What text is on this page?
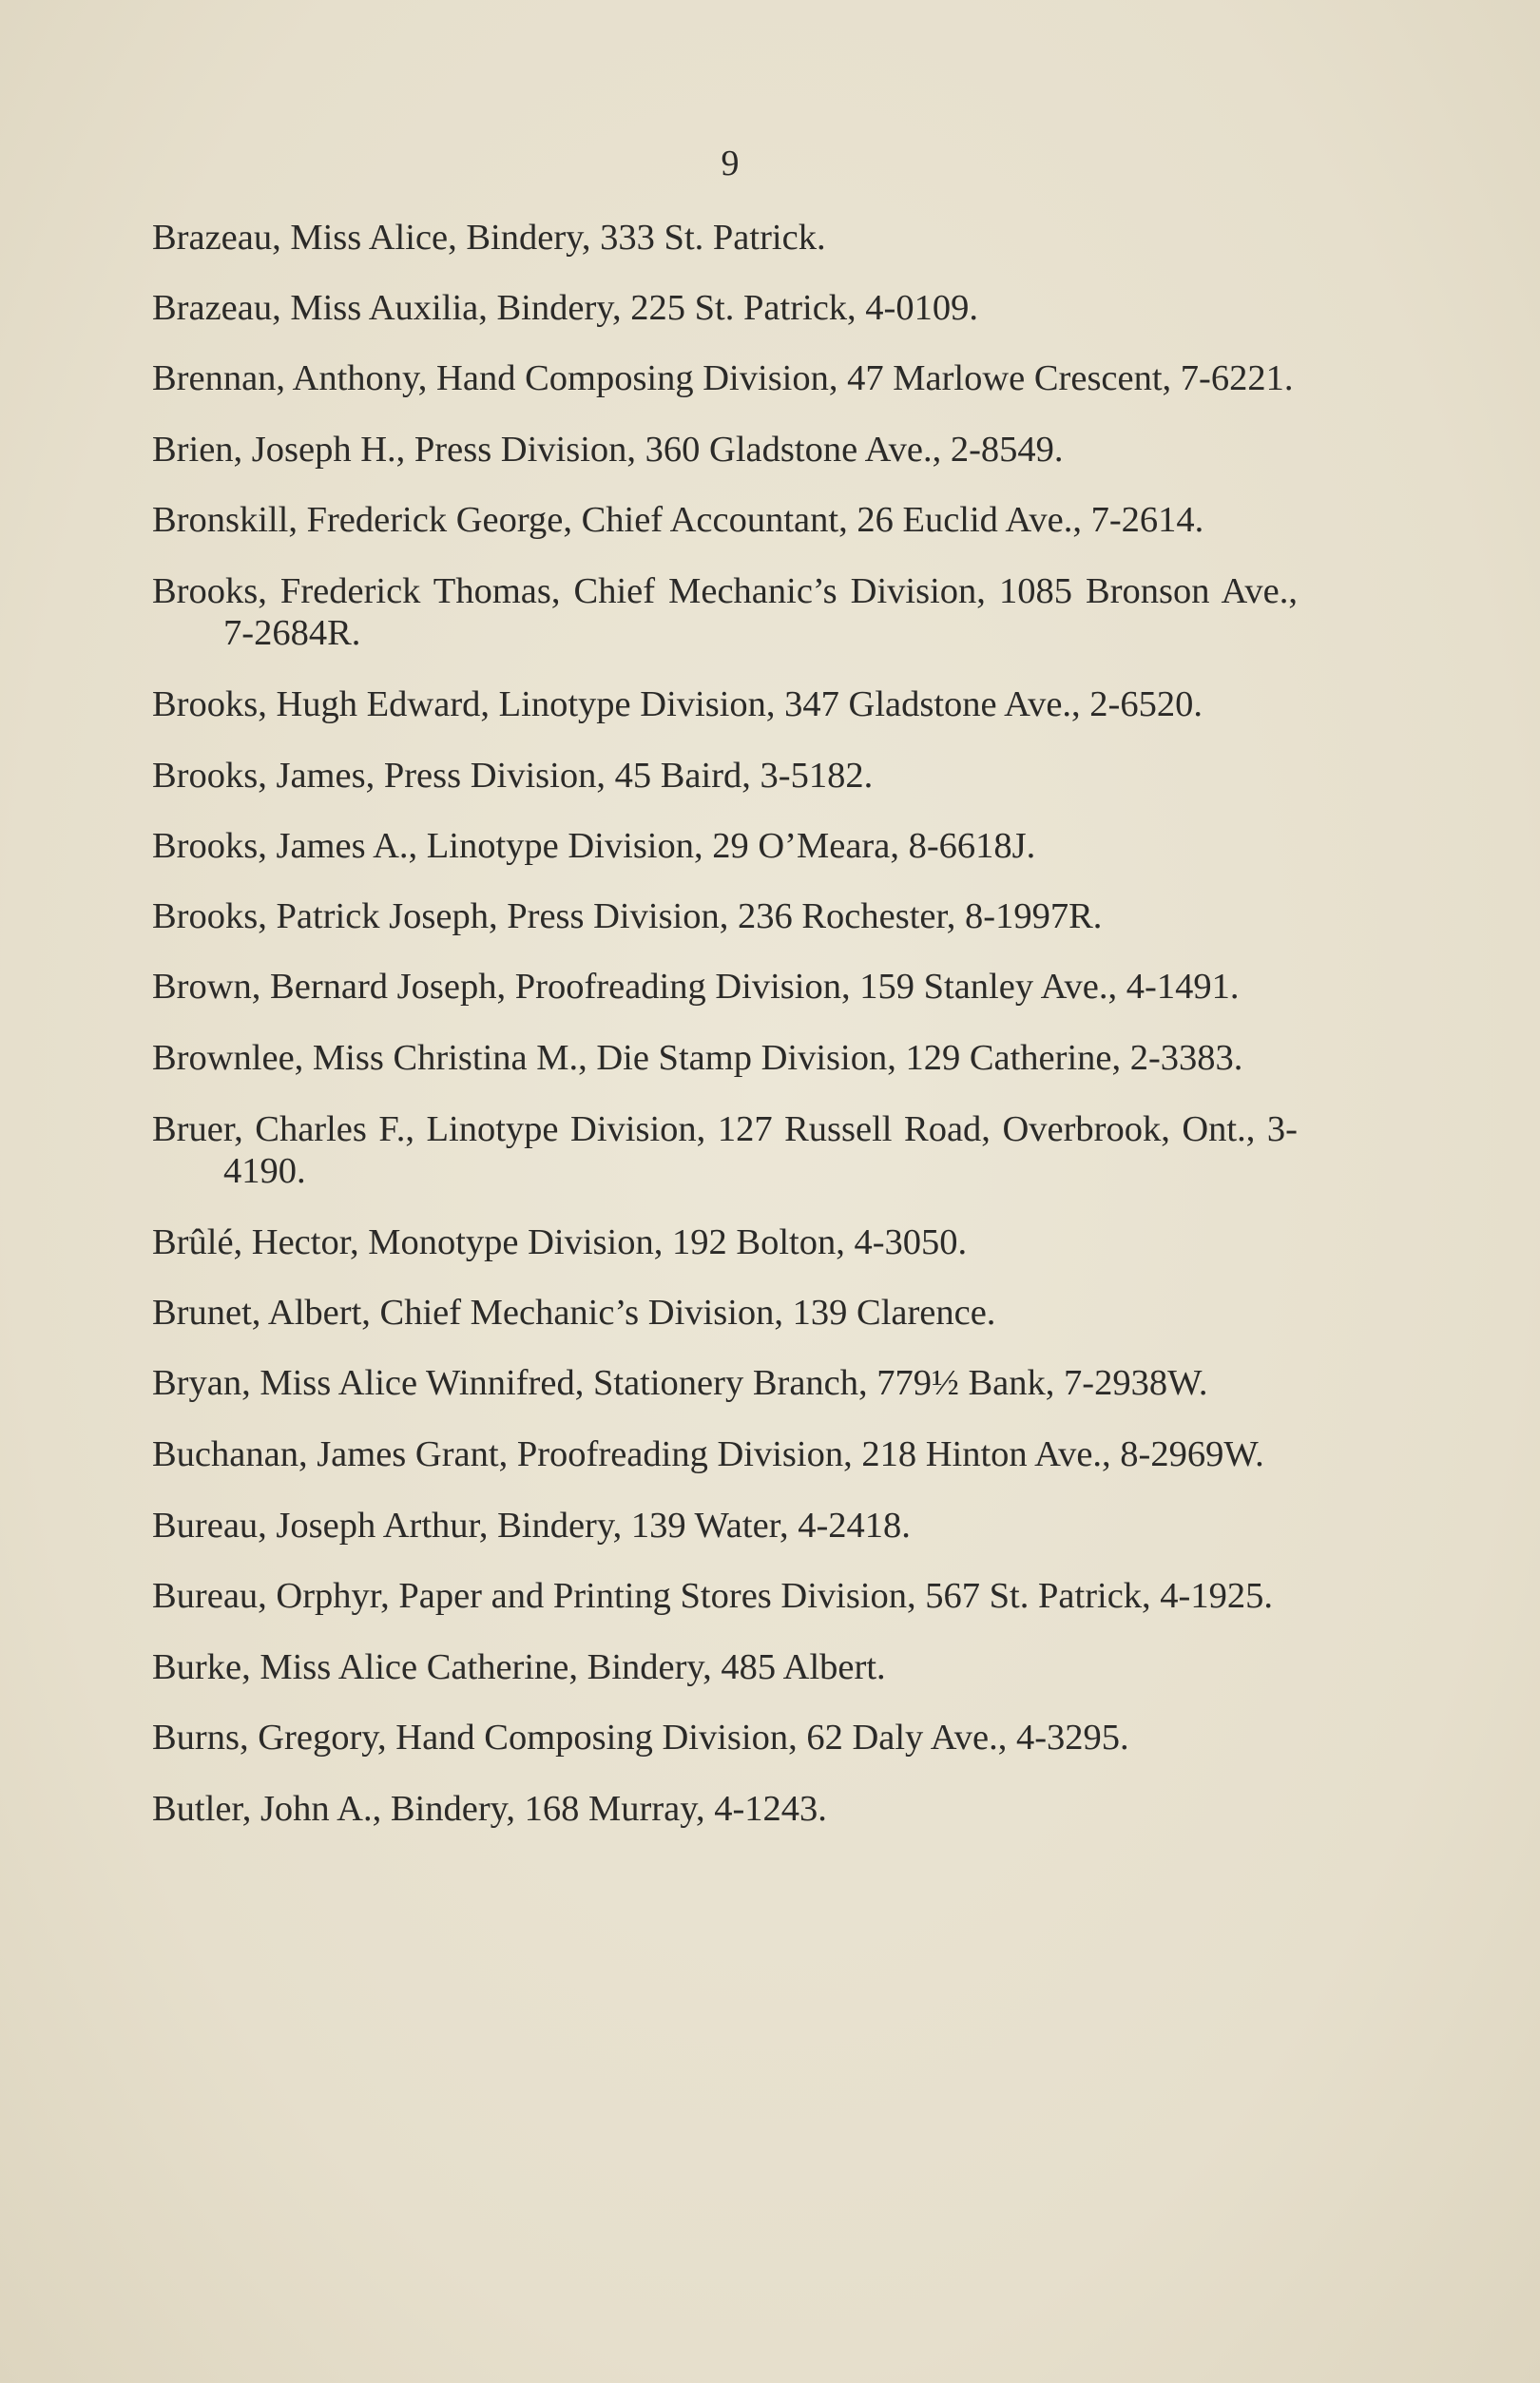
9
Brazeau, Miss Alice, Bindery, 333 St. Patrick.
Brazeau, Miss Auxilia, Bindery, 225 St. Patrick, 4-0109.
Brennan, Anthony, Hand Composing Division, 47 Marlowe Crescent, 7-6221.
Brien, Joseph H., Press Division, 360 Gladstone Ave., 2-8549.
Bronskill, Frederick George, Chief Accountant, 26 Euclid Ave., 7-2614.
Brooks, Frederick Thomas, Chief Mechanic’s Division, 1085 Bronson Ave., 7-2684R.
Brooks, Hugh Edward, Linotype Division, 347 Gladstone Ave., 2-6520.
Brooks, James, Press Division, 45 Baird, 3-5182.
Brooks, James A., Linotype Division, 29 O’Meara, 8-6618J.
Brooks, Patrick Joseph, Press Division, 236 Rochester, 8-1997R.
Brown, Bernard Joseph, Proofreading Division, 159 Stanley Ave., 4-1491.
Brownlee, Miss Christina M., Die Stamp Division, 129 Catherine, 2-3383.
Bruer, Charles F., Linotype Division, 127 Russell Road, Overbrook, Ont., 3-4190.
Brûlé, Hector, Monotype Division, 192 Bolton, 4-3050.
Brunet, Albert, Chief Mechanic’s Division, 139 Clarence.
Bryan, Miss Alice Winnifred, Stationery Branch, 779½ Bank, 7-2938W.
Buchanan, James Grant, Proofreading Division, 218 Hinton Ave., 8-2969W.
Bureau, Joseph Arthur, Bindery, 139 Water, 4-2418.
Bureau, Orphyr, Paper and Printing Stores Division, 567 St. Patrick, 4-1925.
Burke, Miss Alice Catherine, Bindery, 485 Albert.
Burns, Gregory, Hand Composing Division, 62 Daly Ave., 4-3295.
Butler, John A., Bindery, 168 Murray, 4-1243.
